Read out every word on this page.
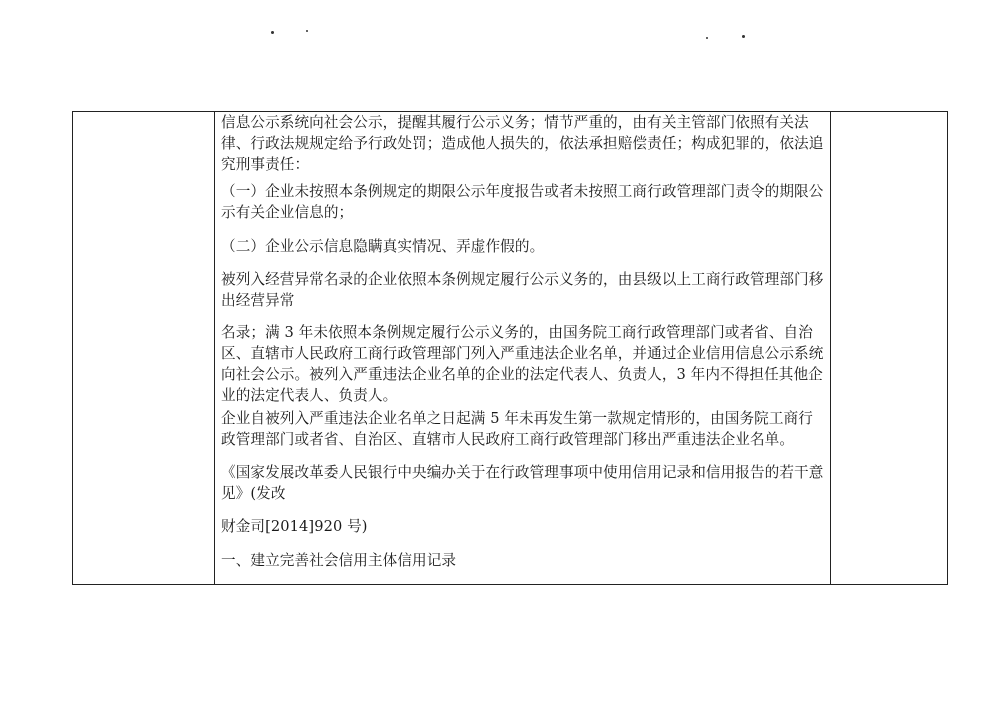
信息公示系统向社会公示，提醒其履行公示义务；情节严重的，由有关主管部门依照有关法律、行政法规规定给予行政处罚；造成他人损失的，依法承担赔偿责任；构成犯罪的，依法追究刑事责任：

（一）企业未按照本条例规定的期限公示年度报告或者未按照工商行政管理部门责令的期限公示有关企业信息的；

（二）企业公示信息隐瞒真实情况、弄虚作假的。

被列入经营异常名录的企业依照本条例规定履行公示义务的，由县级以上工商行政管理部门移出经营异常

名录；满 3 年未依照本条例规定履行公示义务的，由国务院工商行政管理部门或者省、自治区、直辖市人民政府工商行政管理部门列入严重违法企业名单，并通过企业信用信息公示系统向社会公示。被列入严重违法企业名单的企业的法定代表人、负责人，3 年内不得担任其他企业的法定代表人、负责人。

企业自被列入严重违法企业名单之日起满 5 年未再发生第一款规定情形的，由国务院工商行政管理部门或者省、自治区、直辖市人民政府工商行政管理部门移出严重违法企业名单。

《国家发展改革委人民银行中央编办关于在行政管理事项中使用信用记录和信用报告的若干意见》(发改

财金司[2014]920 号)

一、建立完善社会信用主体信用记录
